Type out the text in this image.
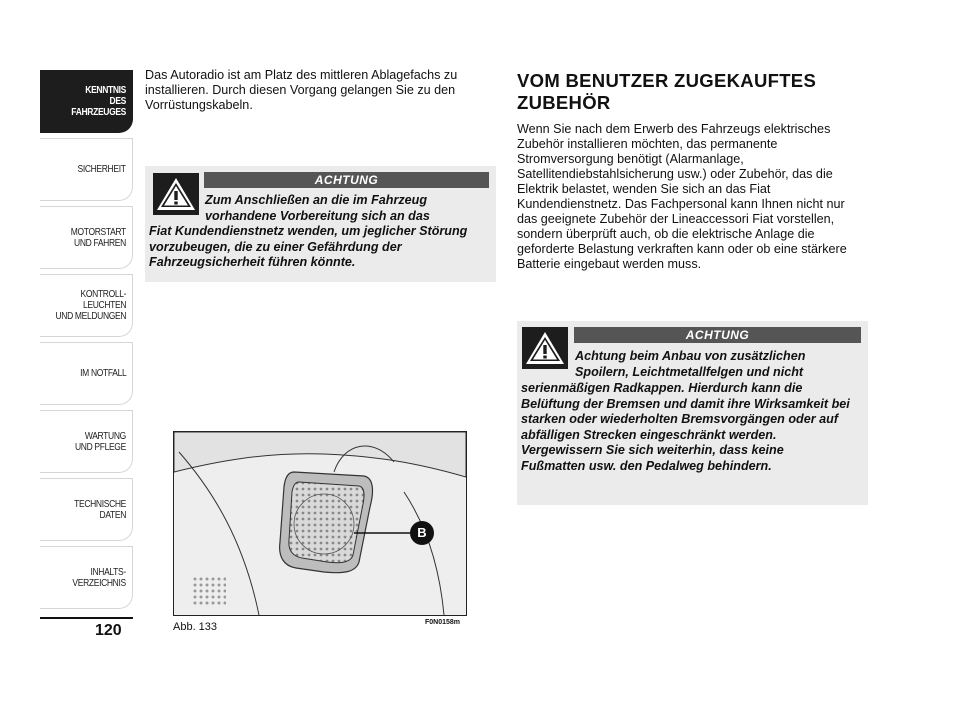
KENNTNIS
DES FAHRZEUGES
SICHERHEIT
MOTORSTART
UND FAHREN
KONTROLL-
LEUCHTEN
UND MELDUNGEN
IM NOTFALL
WARTUNG
UND PFLEGE
TECHNISCHE
DATEN
INHALTS-
VERZEICHNIS
120

Das Autoradio ist am Platz des mittleren Ablagefachs zu installieren. Durch diesen Vorgang gelangen Sie zu den Vorrüstungskabeln.

ACHTUNG
Zum Anschließen an die im Fahrzeug
vorhandene Vorbereitung sich an das
Fiat Kundendienstnetz wenden, um jeglicher Störung vorzubeugen, die zu einer Gefährdung der Fahrzeugsicherheit führen könnte.
B
Abb. 133	F0N0158m
VOM BENUTZER ZUGEKAUFTES
ZUBEHÖR

Wenn Sie nach dem Erwerb des Fahrzeugs elektrisches Zubehör installieren möchten, das permanente Stromversorgung benötigt (Alarmanlage, Satellitendiebstahlsicherung usw.) oder Zubehör, das die Elektrik belastet, wenden Sie sich an das Fiat Kundendienstnetz. Das Fachpersonal kann Ihnen nicht nur das geeignete Zubehör der Lineaccessori Fiat vorstellen, sondern überprüft auch, ob die elektrische Anlage die geforderte Belastung verkraften kann oder ob eine stärkere Batterie eingebaut werden muss.

ACHTUNG
Achtung beim Anbau von zusätzlichen
Spoilern, Leichtmetallfelgen und nicht
serienmäßigen Radkappen. Hierdurch kann die Belüftung der Bremsen und damit ihre Wirksamkeit bei starken oder wiederholten Bremsvorgängen oder auf abfälligen Strecken eingeschränkt werden. Vergewissern Sie sich weiterhin, dass keine Fußmatten usw. den Pedalweg behindern.
